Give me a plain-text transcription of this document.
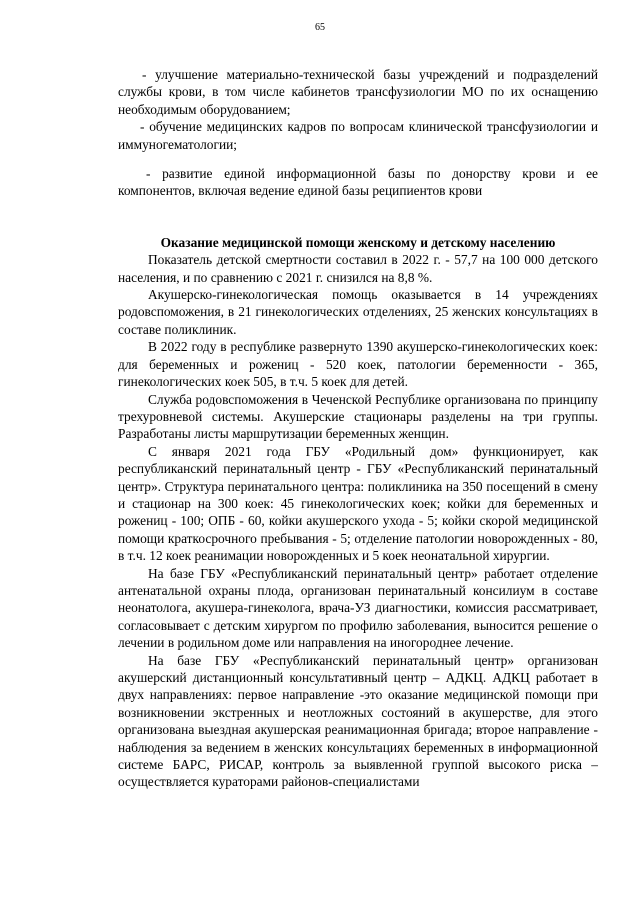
65

- улучшение материально-технической базы учреждений и подразделений службы крови, в том числе кабинетов трансфузиологии МО по их оснащению необходимым оборудованием;

- обучение медицинских кадров по вопросам клинической трансфузиологии и иммуногематологии;

- развитие единой информационной базы по донорству крови и ее компонентов, включая ведение единой базы реципиентов крови

Оказание медицинской помощи женскому и детскому населению

Показатель детской смертности составил в 2022 г. - 57,7 на 100 000 детского населения, и по сравнению с 2021 г. снизился на 8,8 %.

Акушерско-гинекологическая помощь оказывается в 14 учреждениях родовспоможения, в 21 гинекологических отделениях, 25 женских консультациях в составе поликлиник.

В 2022 году в республике развернуто 1390 акушерско-гинекологических коек: для беременных и рожениц - 520 коек, патологии беременности - 365, гинекологических коек 505, в т.ч. 5 коек для детей.

Служба родовспоможения в Чеченской Республике организована по принципу трехуровневой системы. Акушерские стационары разделены на три группы. Разработаны листы маршрутизации беременных женщин.

С января 2021 года ГБУ «Родильный дом» функционирует, как республиканский перинатальный центр - ГБУ «Республиканский перинатальный центр». Структура перинатального центра: поликлиника на 350 посещений в смену и стационар на 300 коек: 45 гинекологических коек; койки для беременных и рожениц - 100; ОПБ - 60, койки акушерского ухода - 5; койки скорой медицинской помощи краткосрочного пребывания - 5; отделение патологии новорожденных - 80, в т.ч. 12 коек реанимации новорожденных и 5 коек неонатальной хирургии.

На базе ГБУ «Республиканский перинатальный центр» работает отделение антенатальной охраны плода, организован перинатальный консилиум в составе неонатолога, акушера-гинеколога, врача-УЗ диагностики, комиссия рассматривает, согласовывает с детским хирургом по профилю заболевания, выносится решение о лечении в родильном доме или направления на иногороднее лечение.

На базе ГБУ «Республиканский перинатальный центр» организован акушерский дистанционный консультативный центр – АДКЦ. АДКЦ работает в двух направлениях: первое направление -это оказание медицинской помощи при возникновении экстренных и неотложных состояний в акушерстве, для этого организована выездная акушерская реанимационная бригада; второе направление - наблюдения за ведением в женских консультациях беременных в информационной системе БАРС, РИСАР, контроль за выявленной группой высокого риска – осуществляется кураторами районов-специалистами
